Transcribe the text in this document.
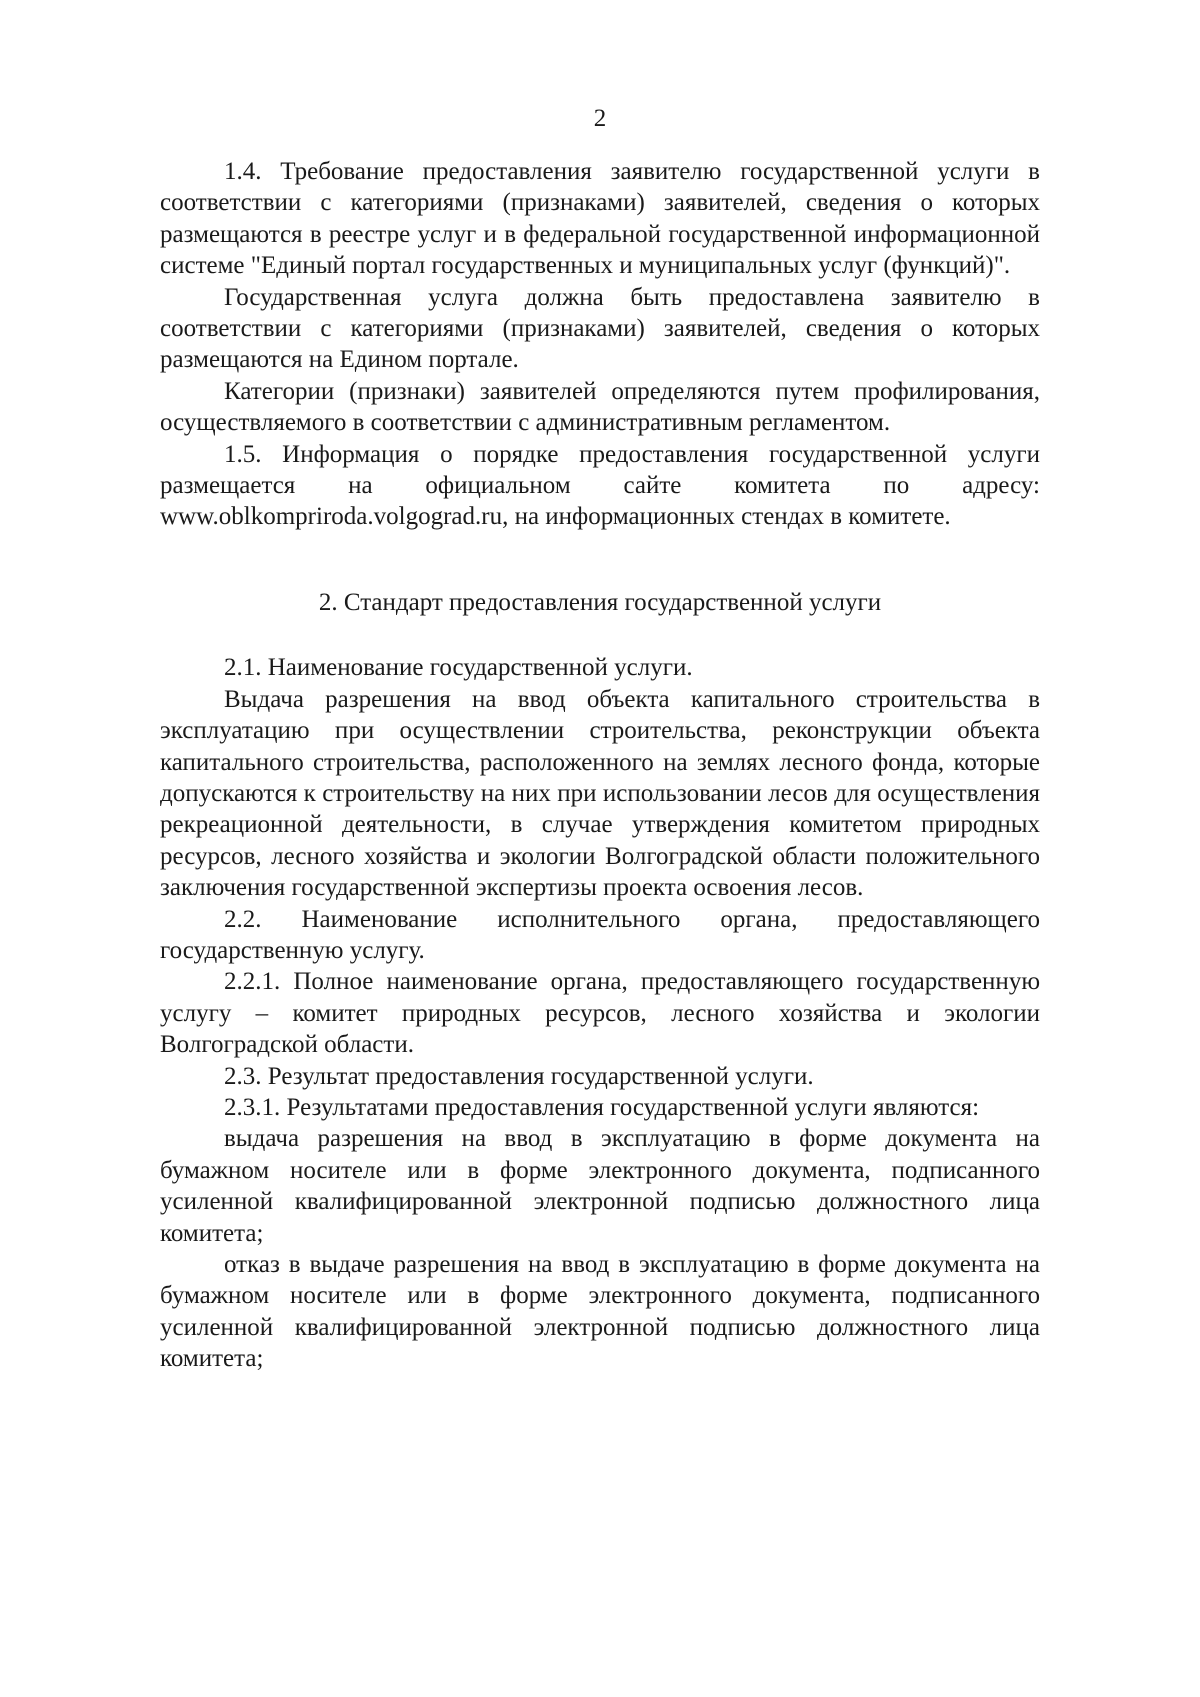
2

1.4. Требование предоставления заявителю государственной услуги в соответствии с категориями (признаками) заявителей, сведения о которых размещаются в реестре услуг и в федеральной государственной информационной системе "Единый портал государственных и муниципальных услуг (функций)".

Государственная услуга должна быть предоставлена заявителю в соответствии с категориями (признаками) заявителей, сведения о которых размещаются на Едином портале.

Категории (признаки) заявителей определяются путем профилирования, осуществляемого в соответствии с административным регламентом.

1.5. Информация о порядке предоставления государственной услуги размещается на официальном сайте комитета по адресу: www.oblkompriroda.volgograd.ru, на информационных стендах в комитете.

2. Стандарт предоставления государственной услуги

2.1. Наименование государственной услуги.

Выдача разрешения на ввод объекта капитального строительства в эксплуатацию при осуществлении строительства, реконструкции объекта капитального строительства, расположенного на землях лесного фонда, которые допускаются к строительству на них при использовании лесов для осуществления рекреационной деятельности, в случае утверждения комитетом природных ресурсов, лесного хозяйства и экологии Волгоградской области положительного заключения государственной экспертизы проекта освоения лесов.

2.2. Наименование исполнительного органа, предоставляющего государственную услугу.

2.2.1. Полное наименование органа, предоставляющего государственную услугу – комитет природных ресурсов, лесного хозяйства и экологии Волгоградской области.

2.3. Результат предоставления государственной услуги.

2.3.1. Результатами предоставления государственной услуги являются:

выдача разрешения на ввод в эксплуатацию в форме документа на бумажном носителе или в форме электронного документа, подписанного усиленной квалифицированной электронной подписью должностного лица комитета;

отказ в выдаче разрешения на ввод в эксплуатацию в форме документа на бумажном носителе или в форме электронного документа, подписанного усиленной квалифицированной электронной подписью должностного лица комитета;
